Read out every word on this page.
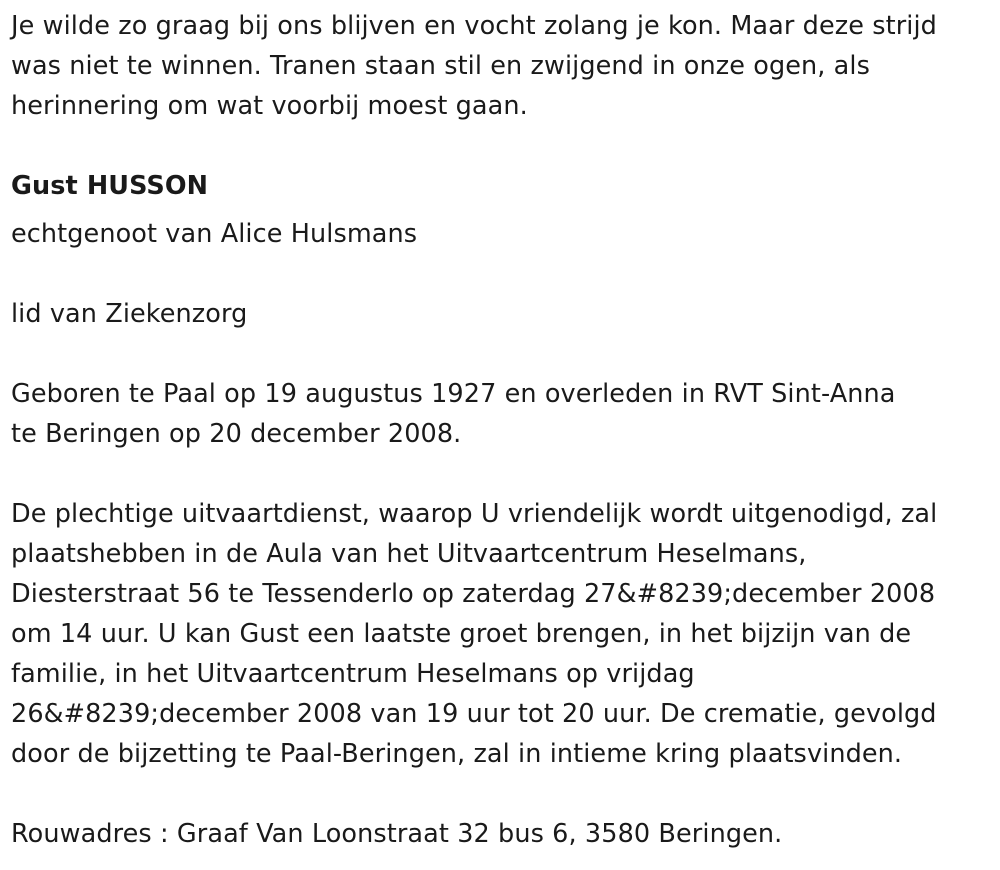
Je wilde zo graag bij ons blijven en vocht zolang je kon. Maar deze strijd
was niet te winnen. Tranen staan stil en zwijgend in onze ogen, als
herinnering om wat voorbij moest gaan.
Gust HUSSON
echtgenoot van Alice Hulsmans
lid van Ziekenzorg
Geboren te Paal op 19 augustus 1927 en overleden in RVT Sint-Anna
te Beringen op 20 december 2008.
De plechtige uitvaartdienst, waarop U vriendelijk wordt uitgenodigd, zal
plaatshebben in de Aula van het Uitvaartcentrum Heselmans,
Diesterstraat 56 te Tessenderlo op zaterdag 27&#8239;december 2008
om 14 uur. U kan Gust een laatste groet brengen, in het bijzijn van de
familie, in het Uitvaartcentrum Heselmans op vrijdag
26&#8239;december 2008 van 19 uur tot 20 uur. De crematie, gevolgd
door de bijzetting te Paal-Beringen, zal in intieme kring plaatsvinden.
Rouwadres : Graaf Van Loonstraat 32 bus 6, 3580 Beringen.
